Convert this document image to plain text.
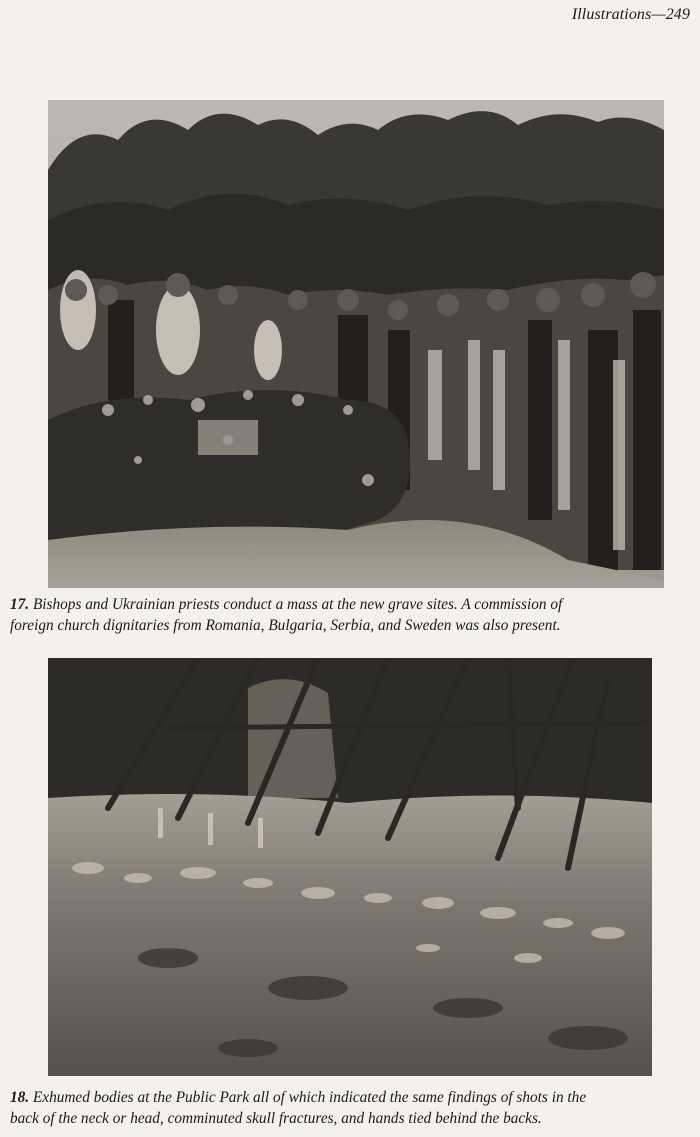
Illustrations—249
17. Bishops and Ukrainian priests conduct a mass at the new grave sites. A commission of
foreign church dignitaries from Romania, Bulgaria, Serbia, and Sweden was also present.
18. Exhumed bodies at the Public Park all of which indicated the same findings of shots in the
back of the neck or head, comminuted skull fractures, and hands tied behind the backs.
